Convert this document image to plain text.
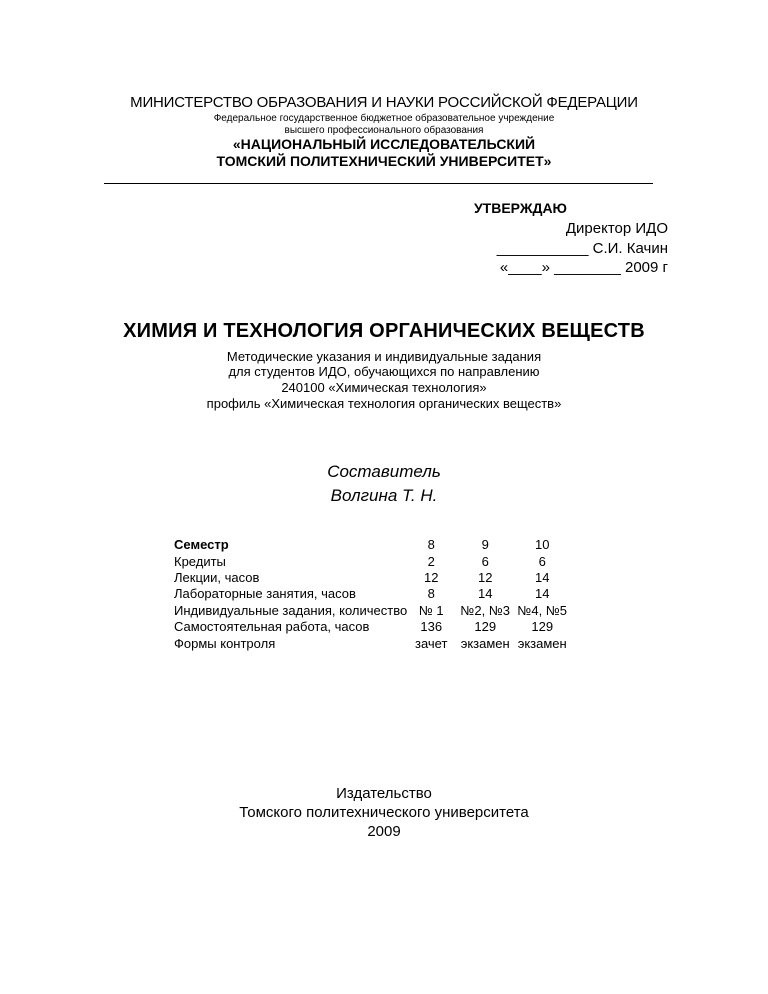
МИНИСТЕРСТВО ОБРАЗОВАНИЯ И НАУКИ РОССИЙСКОЙ ФЕДЕРАЦИИ
Федеральное государственное бюджетное образовательное учреждение
высшего профессионального образования
«НАЦИОНАЛЬНЫЙ ИССЛЕДОВАТЕЛЬСКИЙ
ТОМСКИЙ ПОЛИТЕХНИЧЕСКИЙ УНИВЕРСИТЕТ»
УТВЕРЖДАЮ
Директор ИДО
___________ С.И. Качин
«____» ________ 2009 г
ХИМИЯ И ТЕХНОЛОГИЯ ОРГАНИЧЕСКИХ ВЕЩЕСТВ
Методические указания и индивидуальные задания
для студентов ИДО, обучающихся по направлению
240100 «Химическая технология»
профиль «Химическая технология органических веществ»
Составитель
Волгина Т. Н.
Семестр	8	9	10
Кредиты	2	6	6
Лекции, часов	12	12	14
Лабораторные занятия, часов	8	14	14
Индивидуальные задания, количество	№ 1	№2, №3	№4, №5
Самостоятельная работа, часов	136	129	129
Формы контроля	зачет	экзамен	экзамен
Издательство
Томского политехнического университета
2009
